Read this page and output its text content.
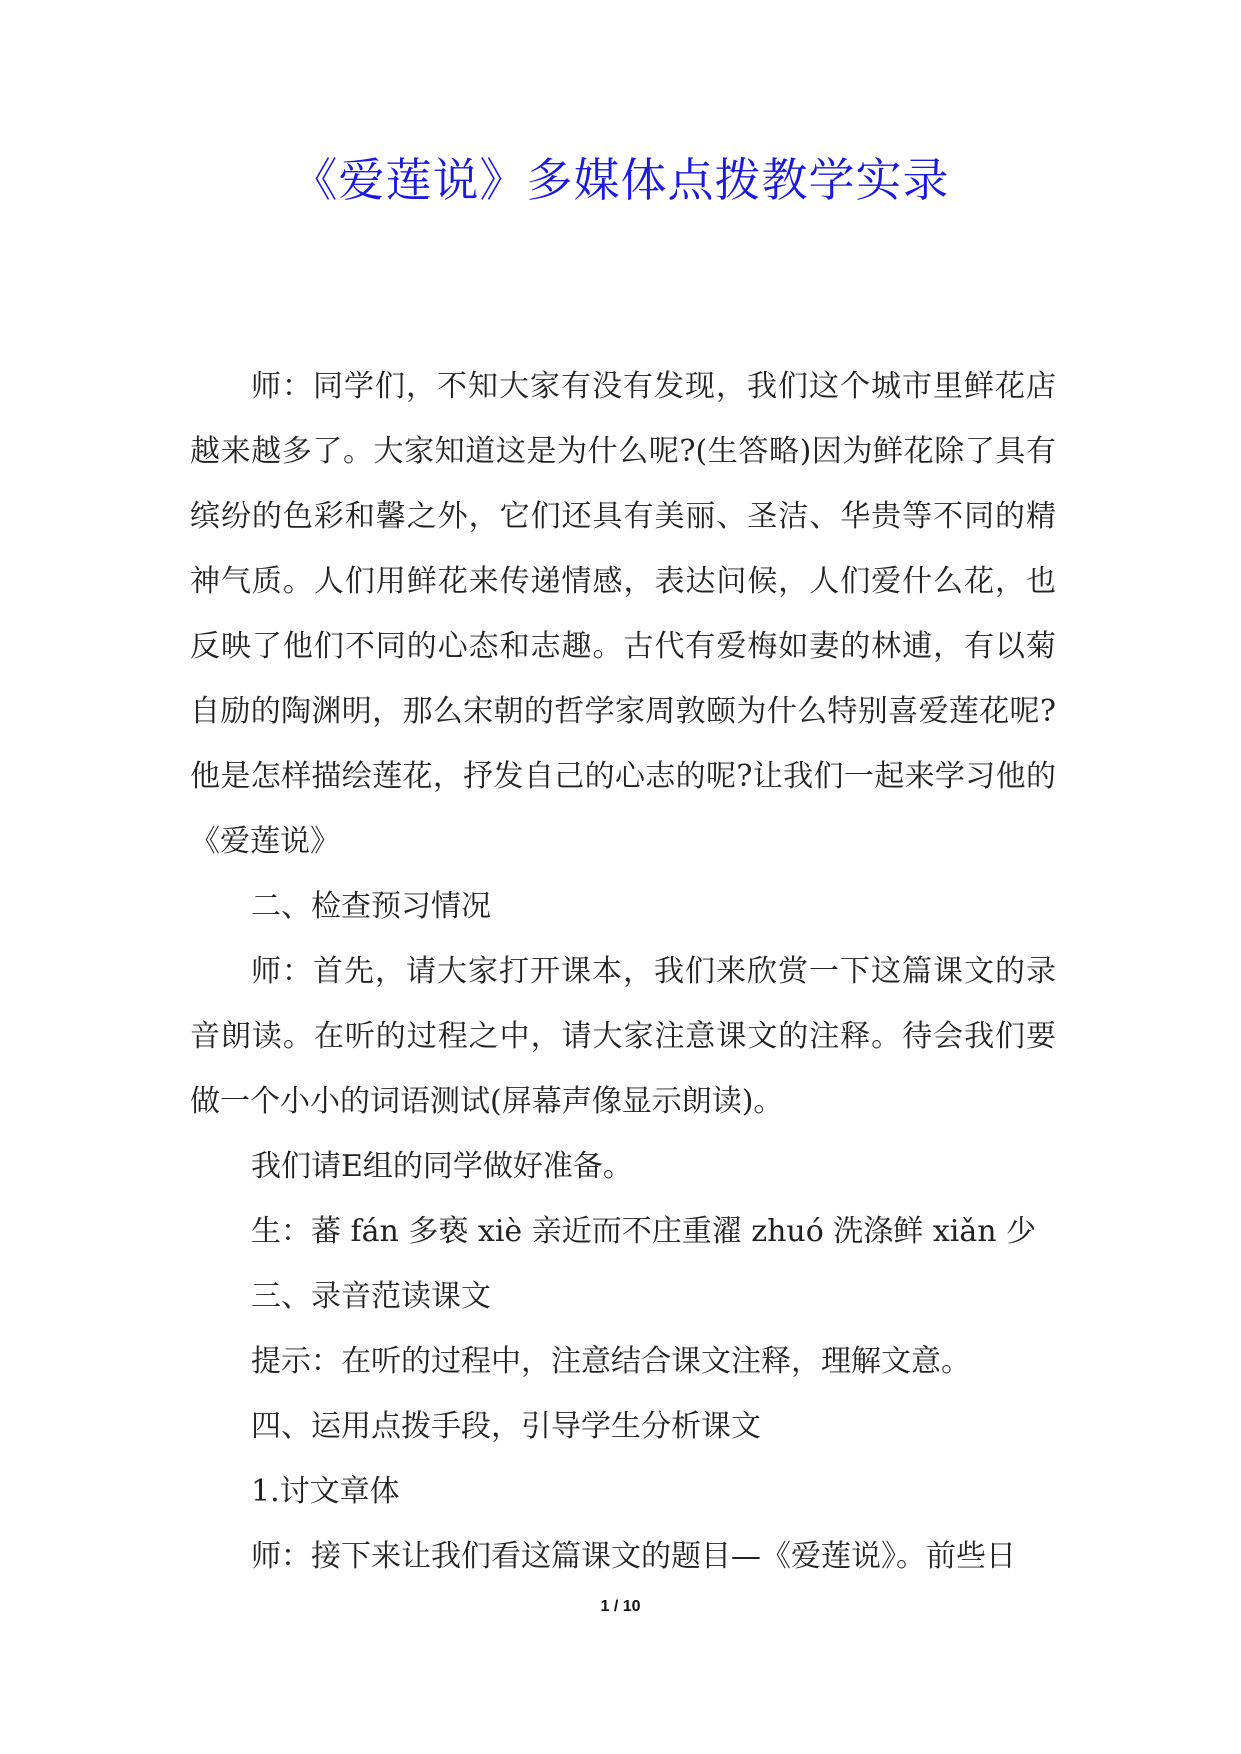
《爱莲说》多媒体点拨教学实录

师：同学们，不知大家有没有发现，我们这个城市里鲜花店越来越多了。大家知道这是为什么呢?(生答略)因为鲜花除了具有缤纷的色彩和馨之外，它们还具有美丽、圣洁、华贵等不同的精神气质。人们用鲜花来传递情感，表达问候，人们爱什么花，也反映了他们不同的心态和志趣。古代有爱梅如妻的林逋，有以菊自励的陶渊明，那么宋朝的哲学家周敦颐为什么特别喜爱莲花呢?他是怎样描绘莲花，抒发自己的心志的呢?让我们一起来学习他的《爱莲说》

二、检查预习情况

师：首先，请大家打开课本，我们来欣赏一下这篇课文的录音朗读。在听的过程之中，请大家注意课文的注释。待会我们要做一个小小的词语测试(屏幕声像显示朗读)。

我们请E组的同学做好准备。

生：蕃 fán 多亵 xiè 亲近而不庄重濯 zhuó 洗涤鲜 xiǎn 少

三、录音范读课文

提示：在听的过程中，注意结合课文注释，理解文意。

四、运用点拨手段，引导学生分析课文

1.讨文章体

师：接下来让我们看这篇课文的题目—《爱莲说》。前些日

1 / 10
